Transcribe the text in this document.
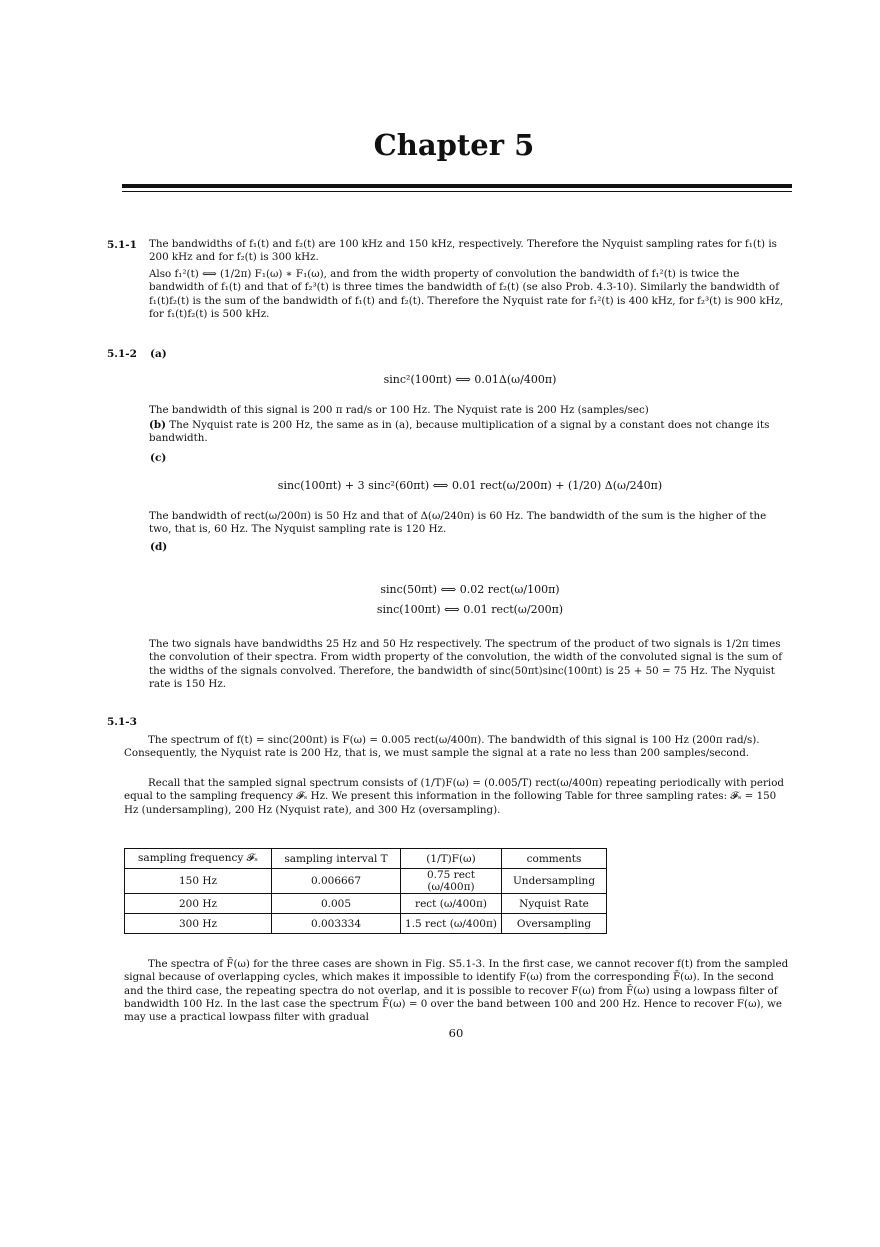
Chapter 5
5.1-1 The bandwidths of f₁(t) and f₂(t) are 100 kHz and 150 kHz, respectively. Therefore the Nyquist sampling rates for f₁(t) is 200 kHz and for f₂(t) is 300 kHz.
Also f₁²(t) ⟺ (1/2π) F₁(ω) ∗ F₁(ω), and from the width property of convolution the bandwidth of f₁²(t) is twice the bandwidth of f₁(t) and that of f₂³(t) is three times the bandwidth of f₂(t) (se also Prob. 4.3-10). Similarly the bandwidth of f₁(t)f₂(t) is the sum of the bandwidth of f₁(t) and f₂(t). Therefore the Nyquist rate for f₁²(t) is 400 kHz, for f₂³(t) is 900 kHz, for f₁(t)f₂(t) is 500 kHz.
5.1-2 (a)
sinc²(100πt) ⟺ 0.01Δ(ω/400π)
The bandwidth of this signal is 200 π rad/s or 100 Hz. The Nyquist rate is 200 Hz (samples/sec)
(b) The Nyquist rate is 200 Hz, the same as in (a), because multiplication of a signal by a constant does not change its bandwidth.
(c)
sinc(100πt) + 3 sinc²(60πt) ⟺ 0.01 rect(ω/200π) + (1/20) Δ(ω/240π)
The bandwidth of rect(ω/200π) is 50 Hz and that of Δ(ω/240π) is 60 Hz. The bandwidth of the sum is the higher of the two, that is, 60 Hz. The Nyquist sampling rate is 120 Hz.
(d)
sinc(50πt) ⟺ 0.02 rect(ω/100π)
sinc(100πt) ⟺ 0.01 rect(ω/200π)
The two signals have bandwidths 25 Hz and 50 Hz respectively. The spectrum of the product of two signals is 1/2π times the convolution of their spectra. From width property of the convolution, the width of the convoluted signal is the sum of the widths of the signals convolved. Therefore, the bandwidth of sinc(50πt)sinc(100πt) is 25 + 50 = 75 Hz. The Nyquist rate is 150 Hz.
5.1-3
The spectrum of f(t) = sinc(200πt) is F(ω) = 0.005 rect(ω/400π). The bandwidth of this signal is 100 Hz (200π rad/s). Consequently, the Nyquist rate is 200 Hz, that is, we must sample the signal at a rate no less than 200 samples/second.
Recall that the sampled signal spectrum consists of (1/T)F(ω) = (0.005/T) rect(ω/400π) repeating periodically with period equal to the sampling frequency 𝓕ₛ Hz. We present this information in the following Table for three sampling rates: 𝓕ₛ = 150 Hz (undersampling), 200 Hz (Nyquist rate), and 300 Hz (oversampling).
sampling frequency 𝓕ₛ	sampling interval T	(1/T)F(ω)	comments
150 Hz	0.006667	0.75 rect (ω/400π)	Undersampling
200 Hz	0.005	rect (ω/400π)	Nyquist Rate
300 Hz	0.003334	1.5 rect (ω/400π)	Oversampling
The spectra of F̄(ω) for the three cases are shown in Fig. S5.1-3. In the first case, we cannot recover f(t) from the sampled signal because of overlapping cycles, which makes it impossible to identify F(ω) from the corresponding F̄(ω). In the second and the third case, the repeating spectra do not overlap, and it is possible to recover F(ω) from F̄(ω) using a lowpass filter of bandwidth 100 Hz. In the last case the spectrum F̄(ω) = 0 over the band between 100 and 200 Hz. Hence to recover F(ω), we may use a practical lowpass filter with gradual
60
